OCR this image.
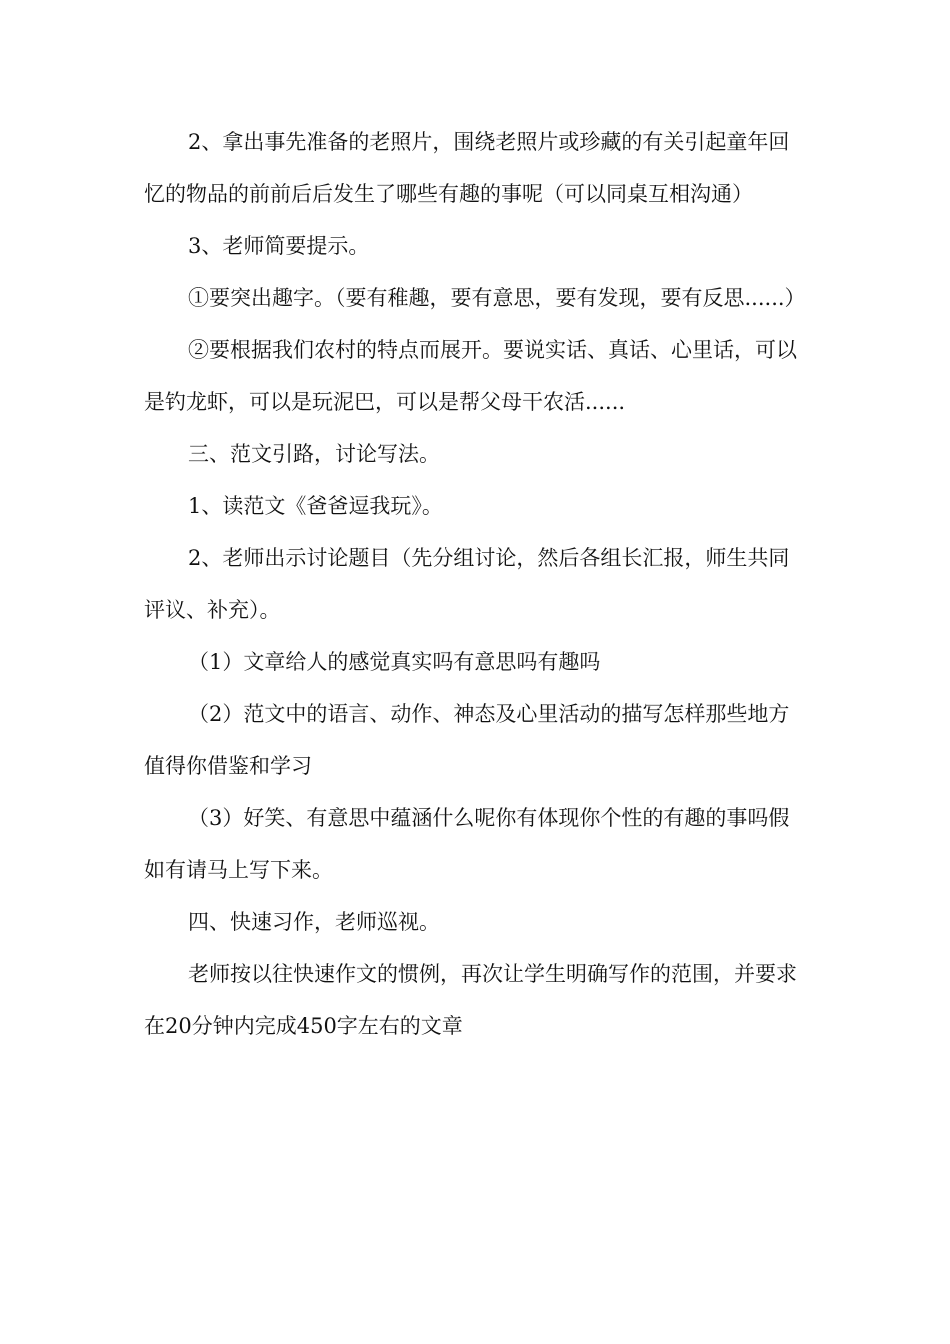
2、拿出事先准备的老照片，围绕老照片或珍藏的有关引起童年回忆的物品的前前后后发生了哪些有趣的事呢（可以同桌互相沟通）

3、老师简要提示。

①要突出趣字。（要有稚趣，要有意思，要有发现，要有反思......）

②要根据我们农村的特点而展开。要说实话、真话、心里话，可以是钓龙虾，可以是玩泥巴，可以是帮父母干农活......

三、范文引路，讨论写法。

1、读范文《爸爸逗我玩》。

2、老师出示讨论题目（先分组讨论，然后各组长汇报，师生共同评议、补充）。

（1）文章给人的感觉真实吗有意思吗有趣吗

（2）范文中的语言、动作、神态及心里活动的描写怎样那些地方值得你借鉴和学习

（3）好笑、有意思中蕴涵什么呢你有体现你个性的有趣的事吗假如有请马上写下来。

四、快速习作，老师巡视。

老师按以往快速作文的惯例，再次让学生明确写作的范围，并要求在20分钟内完成450字左右的文章
